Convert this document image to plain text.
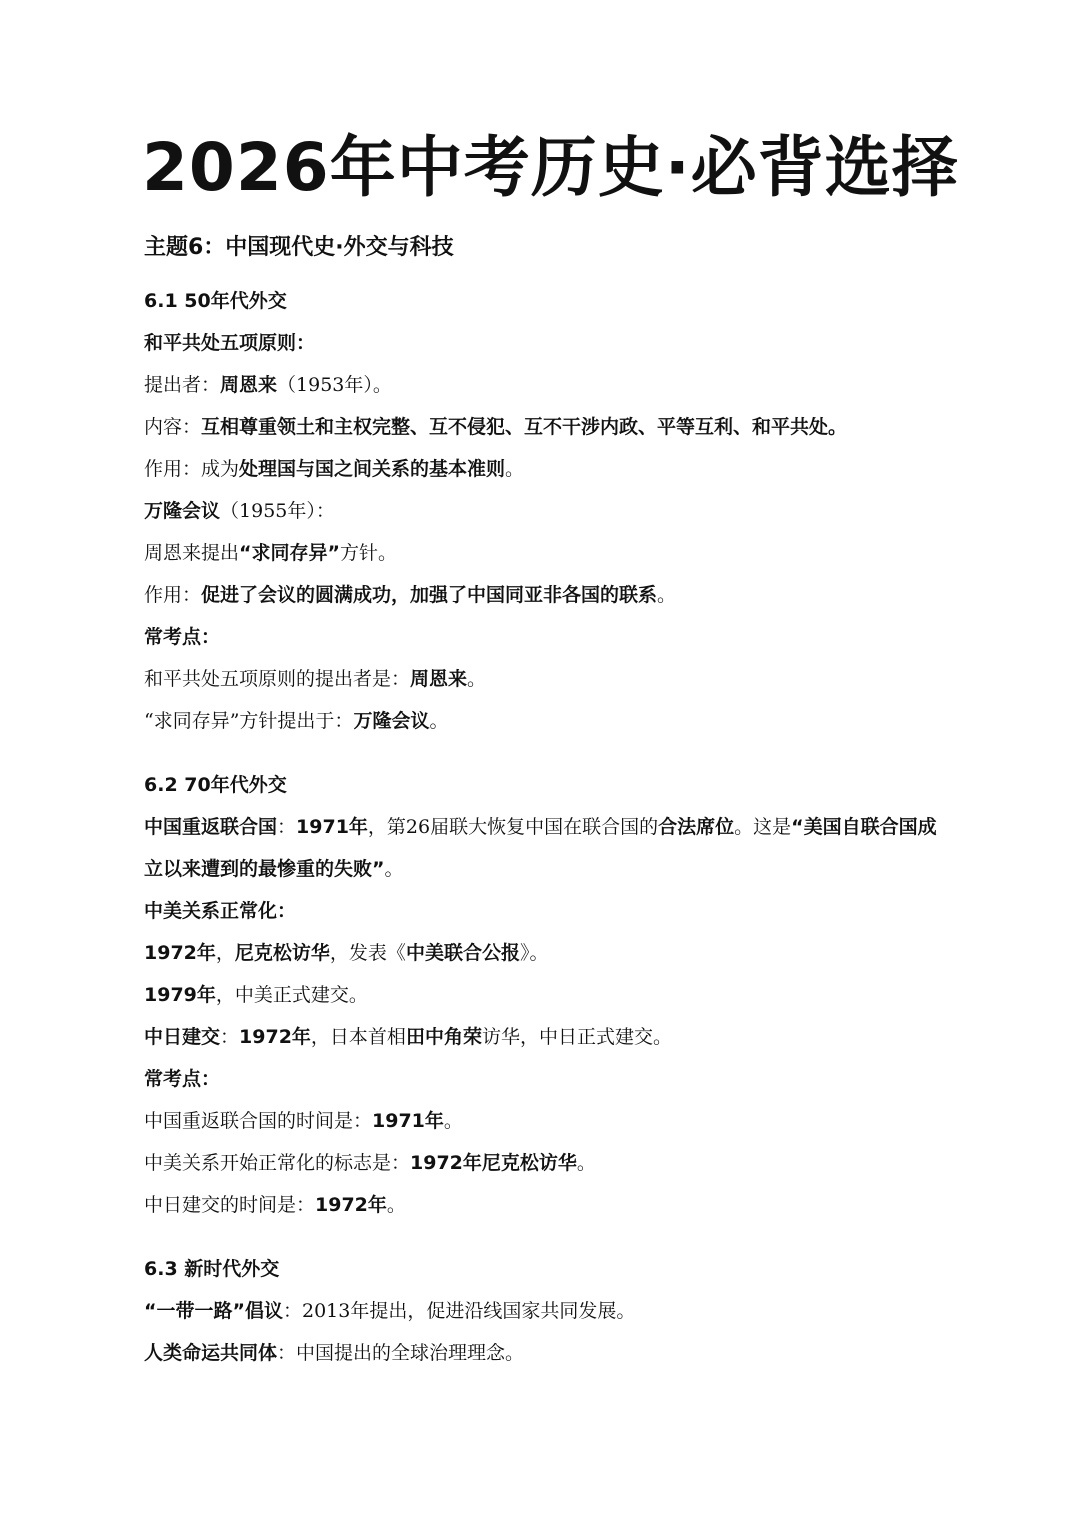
2026年中考历史·必背选择
主题6：中国现代史·外交与科技
6.1 50年代外交
和平共处五项原则：
提出者：周恩来（1953年）。
内容：互相尊重领土和主权完整、互不侵犯、互不干涉内政、平等互利、和平共处。
作用：成为处理国与国之间关系的基本准则。
万隆会议（1955年）：
周恩来提出“求同存异”方针。
作用：促进了会议的圆满成功，加强了中国同亚非各国的联系。
常考点：
和平共处五项原则的提出者是：周恩来。
“求同存异”方针提出于：万隆会议。
6.2 70年代外交
中国重返联合国：1971年，第26届联大恢复中国在联合国的合法席位。这是“美国自联合国成立以来遭到的最惨重的失败”。
中美关系正常化：
1972年，尼克松访华，发表《中美联合公报》。
1979年，中美正式建交。
中日建交：1972年，日本首相田中角荣访华，中日正式建交。
常考点：
中国重返联合国的时间是：1971年。
中美关系开始正常化的标志是：1972年尼克松访华。
中日建交的时间是：1972年。
6.3 新时代外交
“一带一路”倡议：2013年提出，促进沿线国家共同发展。
人类命运共同体：中国提出的全球治理理念。
